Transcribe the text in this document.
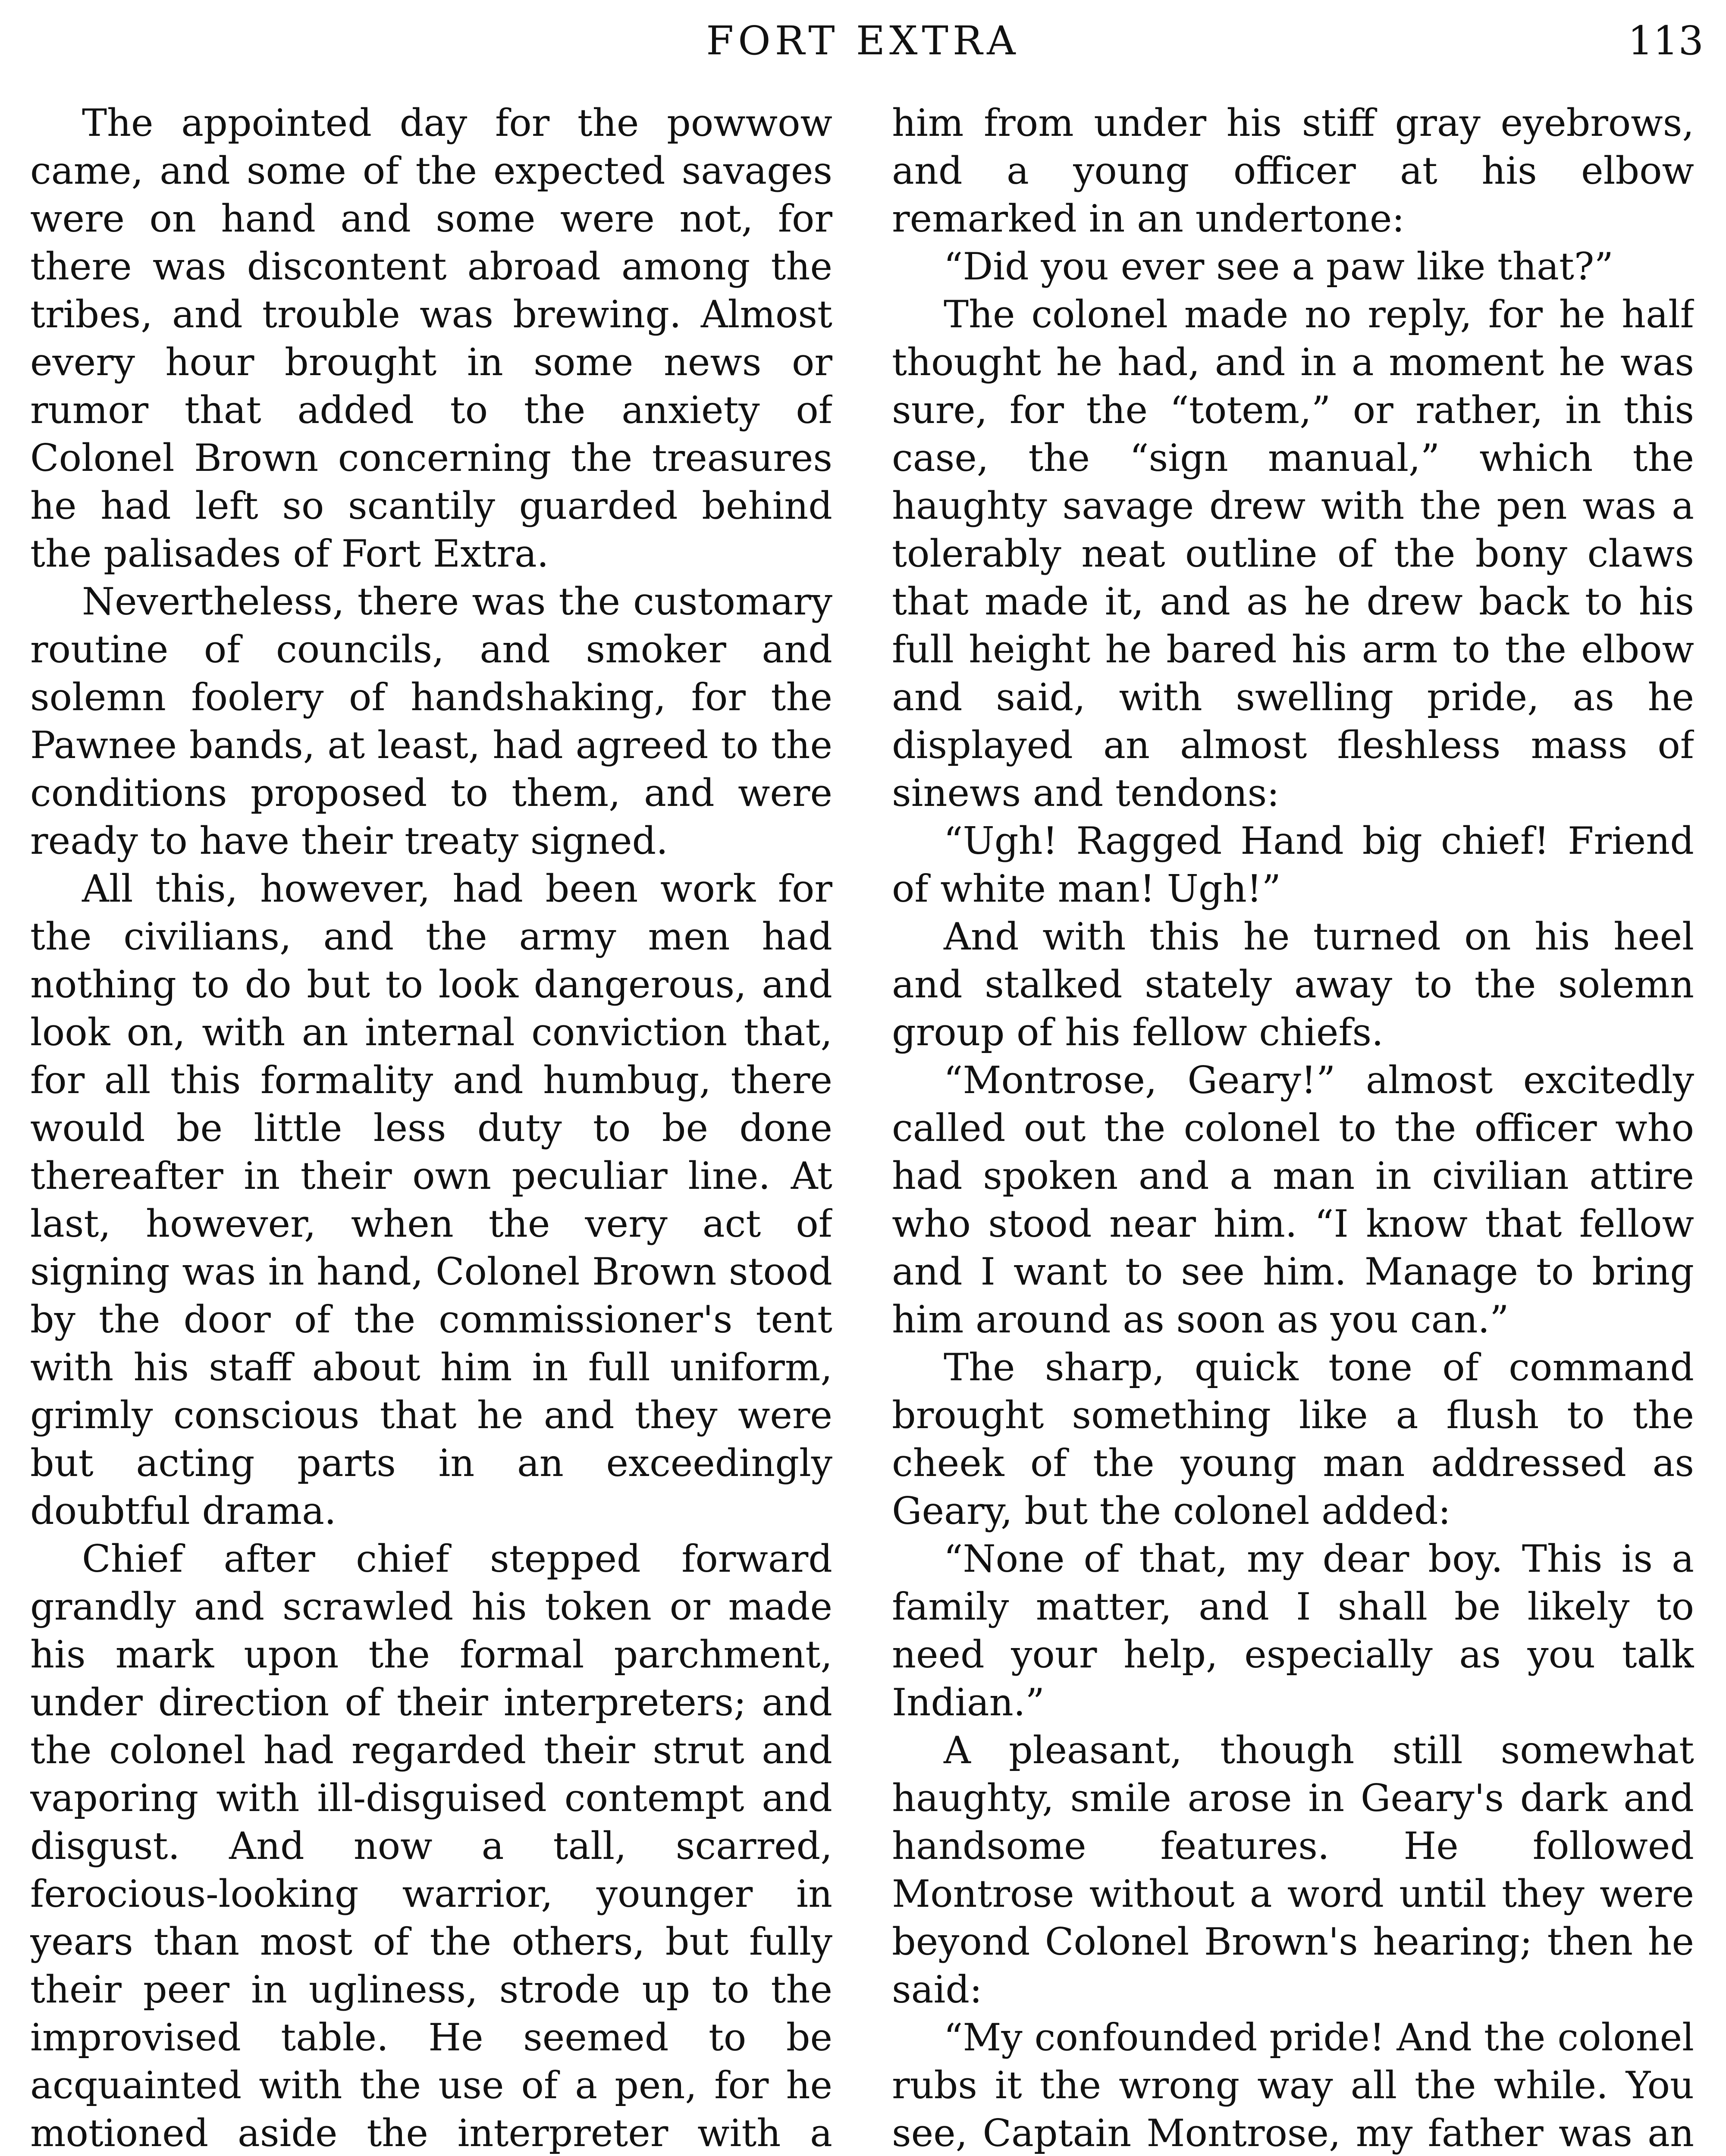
FORT EXTRA	113

The appointed day for the powwow came, and some of the expected savages were on hand and some were not, for there was discontent abroad among the tribes, and trouble was brewing. Almost every hour brought in some news or rumor that added to the anxiety of Colonel Brown concerning the treasures he had left so scantily guarded behind the palisades of Fort Extra.

Nevertheless, there was the customary routine of councils, and smoker and solemn foolery of handshaking, for the Pawnee bands, at least, had agreed to the conditions proposed to them, and were ready to have their treaty signed.

All this, however, had been work for the civilians, and the army men had nothing to do but to look dangerous, and look on, with an internal conviction that, for all this formality and humbug, there would be little less duty to be done thereafter in their own peculiar line. At last, however, when the very act of signing was in hand, Colonel Brown stood by the door of the commissioner's tent with his staff about him in full uniform, grimly conscious that he and they were but acting parts in an exceedingly doubtful drama.

Chief after chief stepped forward grandly and scrawled his token or made his mark upon the formal parchment, under direction of their interpreters; and the colonel had regarded their strut and vaporing with ill-disguised contempt and disgust. And now a tall, scarred, ferocious-looking warrior, younger in years than most of the others, but fully their peer in ugliness, strode up to the improvised table. He seemed to be acquainted with the use of a pen, for he motioned aside the interpreter with a

him from under his stiff gray eyebrows, and a young officer at his elbow remarked in an undertone:

“Did you ever see a paw like that?”

The colonel made no reply, for he half thought he had, and in a moment he was sure, for the “totem,” or rather, in this case, the “sign manual,” which the haughty savage drew with the pen was a tolerably neat outline of the bony claws that made it, and as he drew back to his full height he bared his arm to the elbow and said, with swelling pride, as he displayed an almost fleshless mass of sinews and tendons:

“Ugh! Ragged Hand big chief! Friend of white man! Ugh!”

And with this he turned on his heel and stalked stately away to the solemn group of his fellow chiefs.

“Montrose, Geary!” almost excitedly called out the colonel to the officer who had spoken and a man in civilian attire who stood near him. “I know that fellow and I want to see him. Manage to bring him around as soon as you can.”

The sharp, quick tone of command brought something like a flush to the cheek of the young man addressed as Geary, but the colonel added:

“None of that, my dear boy. This is a family matter, and I shall be likely to need your help, especially as you talk Indian.”

A pleasant, though still somewhat haughty, smile arose in Geary's dark and handsome features. He followed Montrose without a word until they were beyond Colonel Brown's hearing; then he said:

“My confounded pride! And the colonel rubs it the wrong way all the while. You see, Captain Montrose, my father was an
